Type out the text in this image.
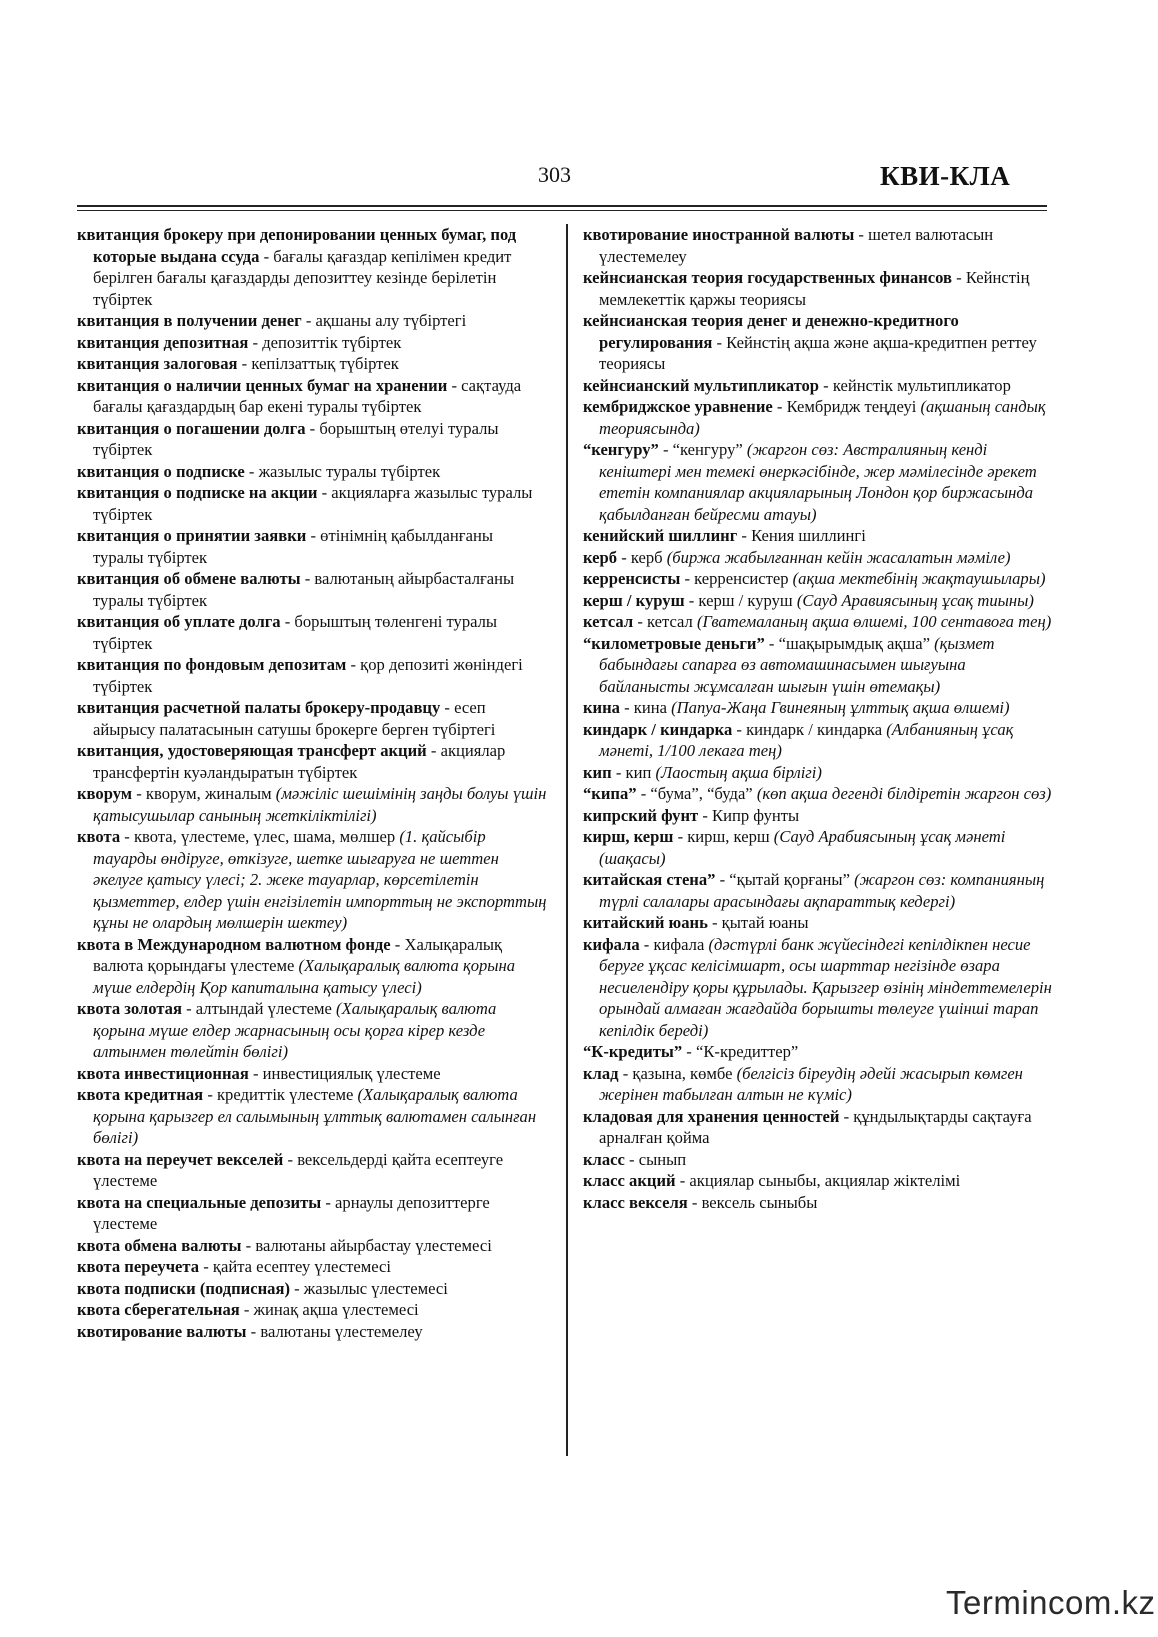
303	КВИ-КЛА

квитанция брокеру при депонировании ценных бумаг, под которые выдана ссуда - бағалы қағаздар кепілімен кредит берілген бағалы қағаздарды депозиттеу кезінде берілетін түбіртек

квитанция в получении денег - ақшаны алу түбіртегі

квитанция депозитная - депозиттік түбіртек

квитанция залоговая - кепілзаттық түбіртек

квитанция о наличии ценных бумаг на хранении - сақтауда бағалы қағаздардың бар екені туралы түбіртек

квитанция о погашении долга - борыштың өтелуі туралы түбіртек

квитанция о подписке - жазылыс туралы түбіртек

квитанция о подписке на акции - акцияларға жазылыс туралы түбіртек

квитанция о принятии заявки - өтінімнің қабылданғаны туралы түбіртек

квитанция об обмене валюты - валютаның айырбасталғаны туралы түбіртек

квитанция об уплате долга - борыштың төленгені туралы түбіртек

квитанция по фондовым депозитам - қор депозиті жөніндегі түбіртек

квитанция расчетной палаты брокеру-продавцу - есеп айырысу палатасынын сатушы брокерге берген түбіртегі

квитанция, удостоверяющая трансферт акций - акциялар трансфертін куәландыратын түбіртек

кворум - кворум, жиналым (мәжіліс шешімінің заңды болуы үшін қатысушылар санының жеткіліктілігі)

квота - квота, үлестеме, үлес, шама, мөлшер (1. қайсыбір тауарды өндіруге, өткізуге, шетке шығаруға не шеттен әкелуге қатысу үлесі; 2. жеке тауарлар, көрсетілетін қызметтер, елдер үшін енгізілетін импорттың не экспорттың құны не олардың мөлшерін шектеу)

квота в Международном валютном фонде - Халықаралық валюта қорындағы үлестеме (Халықаралық валюта қорына мүше елдердің Қор капиталына қатысу үлесі)

квота золотая - алтындай үлестеме (Халықаралық валюта қорына мүше елдер жарнасының осы қорға кірер кезде алтынмен төлейтін бөлігі)

квота инвестиционная - инвестициялық үлестеме

квота кредитная - кредиттік үлестеме (Халықаралық валюта қорына қарызгер ел салымының ұлттық валютамен салынған бөлігі)

квота на переучет векселей - вексельдерді қайта есептеуге үлестеме

квота на специальные депозиты - арнаулы депозиттерге үлестеме

квота обмена валюты - валютаны айырбастау үлестемесі

квота переучета - қайта есептеу үлестемесі

квота подписки (подписная) - жазылыс үлестемесі

квота сберегательная - жинақ ақша үлестемесі

квотирование валюты - валютаны үлестемелеу

квотирование иностранной валюты - шетел валютасын үлестемелеу

кейнсианская теория государственных финансов - Кейнстің мемлекеттік қаржы теориясы

кейнсианская теория денег и денежно-кредитного регулирования - Кейнстің ақша және ақша-кредитпен реттеу теориясы

кейнсианский мультипликатор - кейнстік мультипликатор

кембриджское уравнение - Кембридж теңдеуі (ақшаның сандық теориясында)

“кенгуру” - “кенгуру” (жаргон сөз: Австралияның кенді кеніштері мен темекі өнеркәсібінде, жер мәмілесінде әрекет ететін компаниялар акцияларының Лондон қор биржасында қабылданған бейресми атауы)

кенийский шиллинг - Кения шиллингі

керб - керб (биржа жабылғаннан кейін жасалатын мәміле)

керренсисты - керренсистер (ақша мектебінің жақтаушылары)

керш / куруш - керш / куруш (Сауд Аравиясының ұсақ тиыны)

кетсал - кетсал (Гватемаланың ақша өлшемі, 100 сентавоға тең)

“километровые деньги” - “шақырымдық ақша” (қызмет бабындағы сапарға өз автомашинасымен шығуына байланысты жұмсалған шығын үшін өтемақы)

кина - кина (Папуа-Жаңа Гвинеяның ұлттық ақша өлшемі)

киндарк / киндарка - киндарк / киндарка (Албанияның ұсақ мәнеті, 1/100 лекаға тең)

кип - кип (Лаостың ақша бірлігі)

“кипа” - “бума”, “буда” (көп ақша дегенді білдіретін жаргон сөз)

кипрский фунт - Кипр фунты

кирш, керш - кирш, керш (Сауд Арабиясының ұсақ мәнеті (шақасы)

китайская стена” - “қытай қорғаны” (жаргон сөз: компанияның түрлі салалары арасындағы ақпараттық кедергі)

китайский юань - қытай юаны

кифала - кифала (дәстүрлі банк жүйесіндегі кепілдікпен несие беруге ұқсас келісімшарт, осы шарттар негізінде өзара несиелендіру қоры құрылады. Қарызгер өзінің міндеттемелерін орындай алмаған жағдайда борышты төлеуге үшінші тарап кепілдік береді)

“К-кредиты” - “К-кредиттер”

клад - қазына, көмбе (белгісіз біреудің әдейі жасырып көмген жерінен табылған алтын не күміс)

кладовая для хранения ценностей - құндылықтарды сақтауға арналған қойма

класс - сынып

класс акций - акциялар сыныбы, акциялар жіктелімі

класс векселя - вексель сыныбы

Termincom.kz
